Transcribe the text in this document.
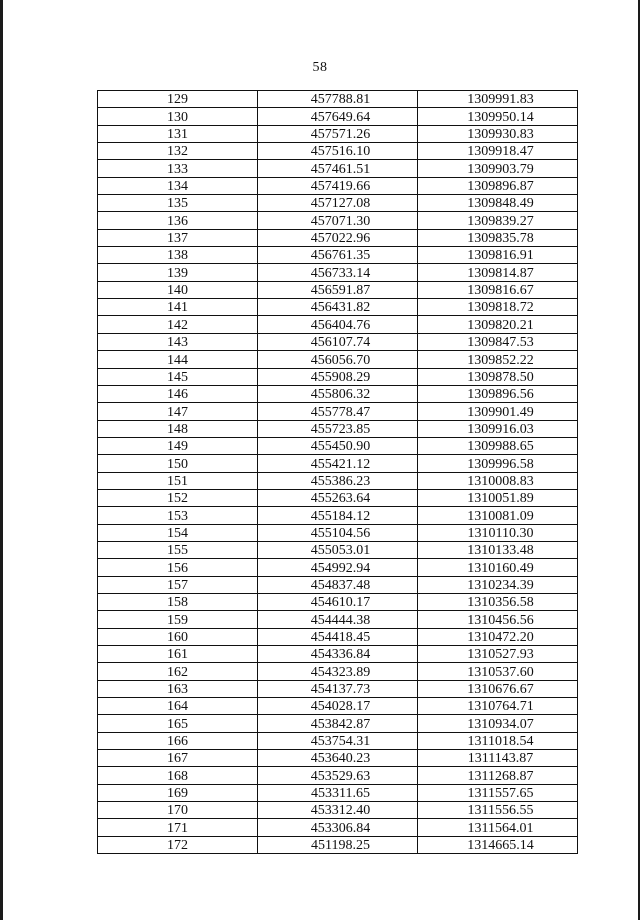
58
129	457788.81	1309991.83
130	457649.64	1309950.14
131	457571.26	1309930.83
132	457516.10	1309918.47
133	457461.51	1309903.79
134	457419.66	1309896.87
135	457127.08	1309848.49
136	457071.30	1309839.27
137	457022.96	1309835.78
138	456761.35	1309816.91
139	456733.14	1309814.87
140	456591.87	1309816.67
141	456431.82	1309818.72
142	456404.76	1309820.21
143	456107.74	1309847.53
144	456056.70	1309852.22
145	455908.29	1309878.50
146	455806.32	1309896.56
147	455778.47	1309901.49
148	455723.85	1309916.03
149	455450.90	1309988.65
150	455421.12	1309996.58
151	455386.23	1310008.83
152	455263.64	1310051.89
153	455184.12	1310081.09
154	455104.56	1310110.30
155	455053.01	1310133.48
156	454992.94	1310160.49
157	454837.48	1310234.39
158	454610.17	1310356.58
159	454444.38	1310456.56
160	454418.45	1310472.20
161	454336.84	1310527.93
162	454323.89	1310537.60
163	454137.73	1310676.67
164	454028.17	1310764.71
165	453842.87	1310934.07
166	453754.31	1311018.54
167	453640.23	1311143.87
168	453529.63	1311268.87
169	453311.65	1311557.65
170	453312.40	1311556.55
171	453306.84	1311564.01
172	451198.25	1314665.14
